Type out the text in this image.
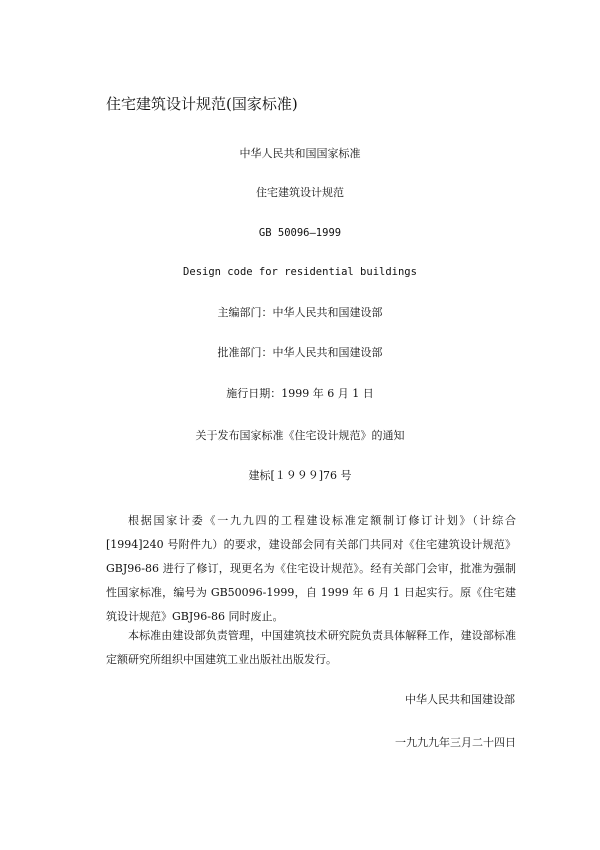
住宅建筑设计规范(国家标准)
中华人民共和国国家标准
住宅建筑设计规范
GB 50096—1999
Design code for residential buildings
主编部门：中华人民共和国建设部
批准部门：中华人民共和国建设部
施行日期：1999 年 6 月 1 日
关于发布国家标准《住宅设计规范》的通知
建标[１９９９]76 号
根据国家计委《一九九四的工程建设标准定额制订修订计划》（计综合[1994]240 号附件九）的要求，建设部会同有关部门共同对《住宅建筑设计规范》GBJ96-86 进行了修订，现更名为《住宅设计规范》。经有关部门会审，批准为强制性国家标准，编号为 GB50096-1999，自 1999 年 6 月 1 日起实行。原《住宅建筑设计规范》GBJ96-86 同时废止。
本标准由建设部负责管理，中国建筑技术研究院负责具体解释工作，建设部标准定额研究所组织中国建筑工业出版社出版发行。
中华人民共和国建设部
一九九九年三月二十四日
